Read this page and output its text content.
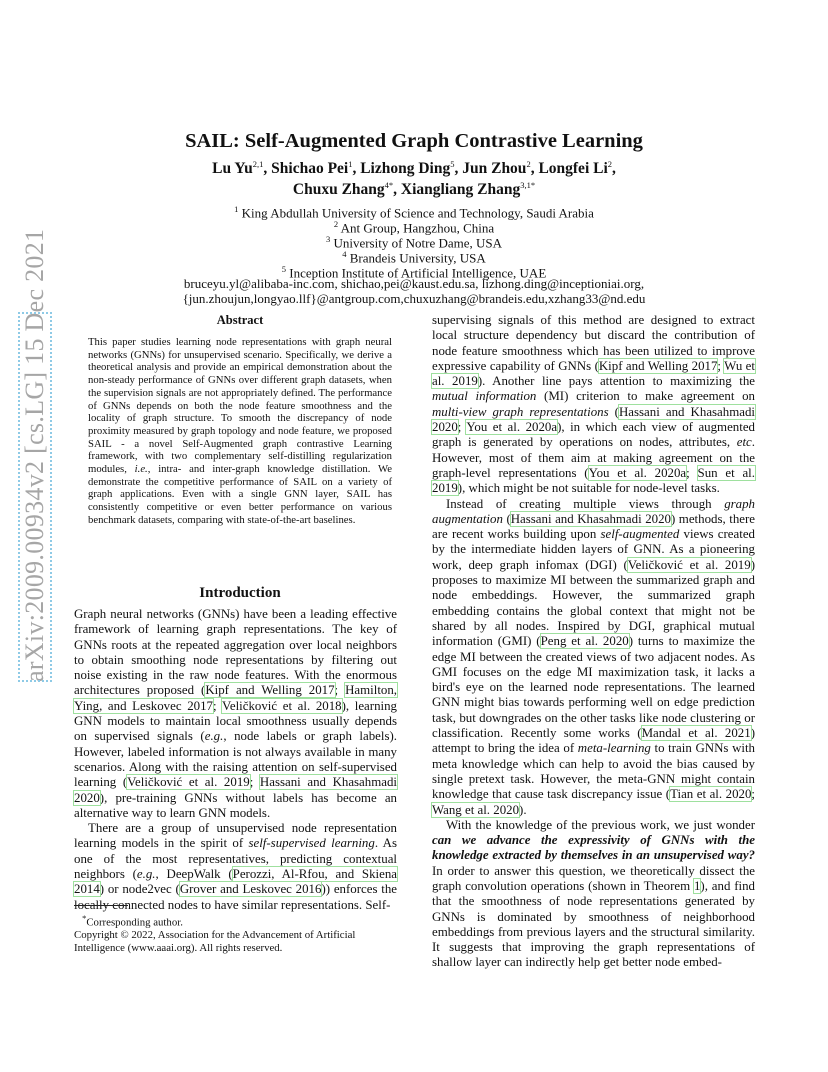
arXiv:2009.00934v2 [cs.LG] 15 Dec 2021
SAIL: Self-Augmented Graph Contrastive Learning
Lu Yu$^{2,1}$, Shichao Pei$^1$, Lizhong Ding$^5$, Jun Zhou$^2$, Longfei Li$^2$,
Chuxu Zhang$^{4*}$, Xiangliang Zhang$^{3,1*}$
$^1$ King Abdullah University of Science and Technology, Saudi Arabia
$^2$ Ant Group, Hangzhou, China
$^3$ University of Notre Dame, USA
$^4$ Brandeis University, USA
$^5$ Inception Institute of Artificial Intelligence, UAE
bruceyu.yl@alibaba-inc.com, shichao,pei@kaust.edu.sa, lizhong.ding@inceptioniai.org,
{jun.zhoujun,longyao.llf}@antgroup.com,chuxuzhang@brandeis.edu,xzhang33@nd.edu
Abstract
This paper studies learning node representations with graph neural networks (GNNs) for unsupervised scenario. Specifically, we derive a theoretical analysis and provide an empirical demonstration about the non-steady performance of GNNs over different graph datasets, when the supervision signals are not appropriately defined. The performance of GNNs depends on both the node feature smoothness and the locality of graph structure. To smooth the discrepancy of node proximity measured by graph topology and node feature, we proposed SAIL - a novel Self-Augmented graph contrastive Learning framework, with two complementary self-distilling regularization modules, i.e., intra- and inter-graph knowledge distillation. We demonstrate the competitive performance of SAIL on a variety of graph applications. Even with a single GNN layer, SAIL has consistently competitive or even better performance on various benchmark datasets, comparing with state-of-the-art baselines.
Introduction

Graph neural networks (GNNs) have been a leading effective framework of learning graph representations. The key of GNNs roots at the repeated aggregation over local neighbors to obtain smoothing node representations by filtering out noise existing in the raw node features. With the enormous architectures proposed (Kipf and Welling 2017; Hamilton, Ying, and Leskovec 2017; Veličković et al. 2018), learning GNN models to maintain local smoothness usually depends on supervised signals (e.g., node labels or graph labels). However, labeled information is not always available in many scenarios. Along with the raising attention on self-supervised learning (Veličković et al. 2019; Hassani and Khasahmadi 2020), pre-training GNNs without labels has become an alternative way to learn GNN models.

There are a group of unsupervised node representation learning models in the spirit of self-supervised learning. As one of the most representatives, predicting contextual neighbors (e.g., DeepWalk (Perozzi, Al-Rfou, and Skiena 2014) or node2vec (Grover and Leskovec 2016)) enforces the locally connected nodes to have similar representations. Self-

supervising signals of this method are designed to extract local structure dependency but discard the contribution of node feature smoothness which has been utilized to improve expressive capability of GNNs (Kipf and Welling 2017; Wu et al. 2019). Another line pays attention to maximizing the mutual information (MI) criterion to make agreement on multi-view graph representations (Hassani and Khasahmadi 2020; You et al. 2020a), in which each view of augmented graph is generated by operations on nodes, attributes, etc. However, most of them aim at making agreement on the graph-level representations (You et al. 2020a; Sun et al. 2019), which might be not suitable for node-level tasks.

Instead of creating multiple views through graph augmentation (Hassani and Khasahmadi 2020) methods, there are recent works building upon self-augmented views created by the intermediate hidden layers of GNN. As a pioneering work, deep graph infomax (DGI) (Veličković et al. 2019) proposes to maximize MI between the summarized graph and node embeddings. However, the summarized graph embedding contains the global context that might not be shared by all nodes. Inspired by DGI, graphical mutual information (GMI) (Peng et al. 2020) turns to maximize the edge MI between the created views of two adjacent nodes. As GMI focuses on the edge MI maximization task, it lacks a bird's eye on the learned node representations. The learned GNN might bias towards performing well on edge prediction task, but downgrades on the other tasks like node clustering or classification. Recently some works (Mandal et al. 2021) attempt to bring the idea of meta-learning to train GNNs with meta knowledge which can help to avoid the bias caused by single pretext task. However, the meta-GNN might contain knowledge that cause task discrepancy issue (Tian et al. 2020; Wang et al. 2020).

With the knowledge of the previous work, we just wonder can we advance the expressivity of GNNs with the knowledge extracted by themselves in an unsupervised way? In order to answer this question, we theoretically dissect the graph convolution operations (shown in Theorem 1), and find that the smoothness of node representations generated by GNNs is dominated by smoothness of neighborhood embeddings from previous layers and the structural similarity. It suggests that improving the graph representations of shallow layer can indirectly help get better node embed-

*Corresponding author.
Copyright © 2022, Association for the Advancement of Artificial Intelligence (www.aaai.org). All rights reserved.
